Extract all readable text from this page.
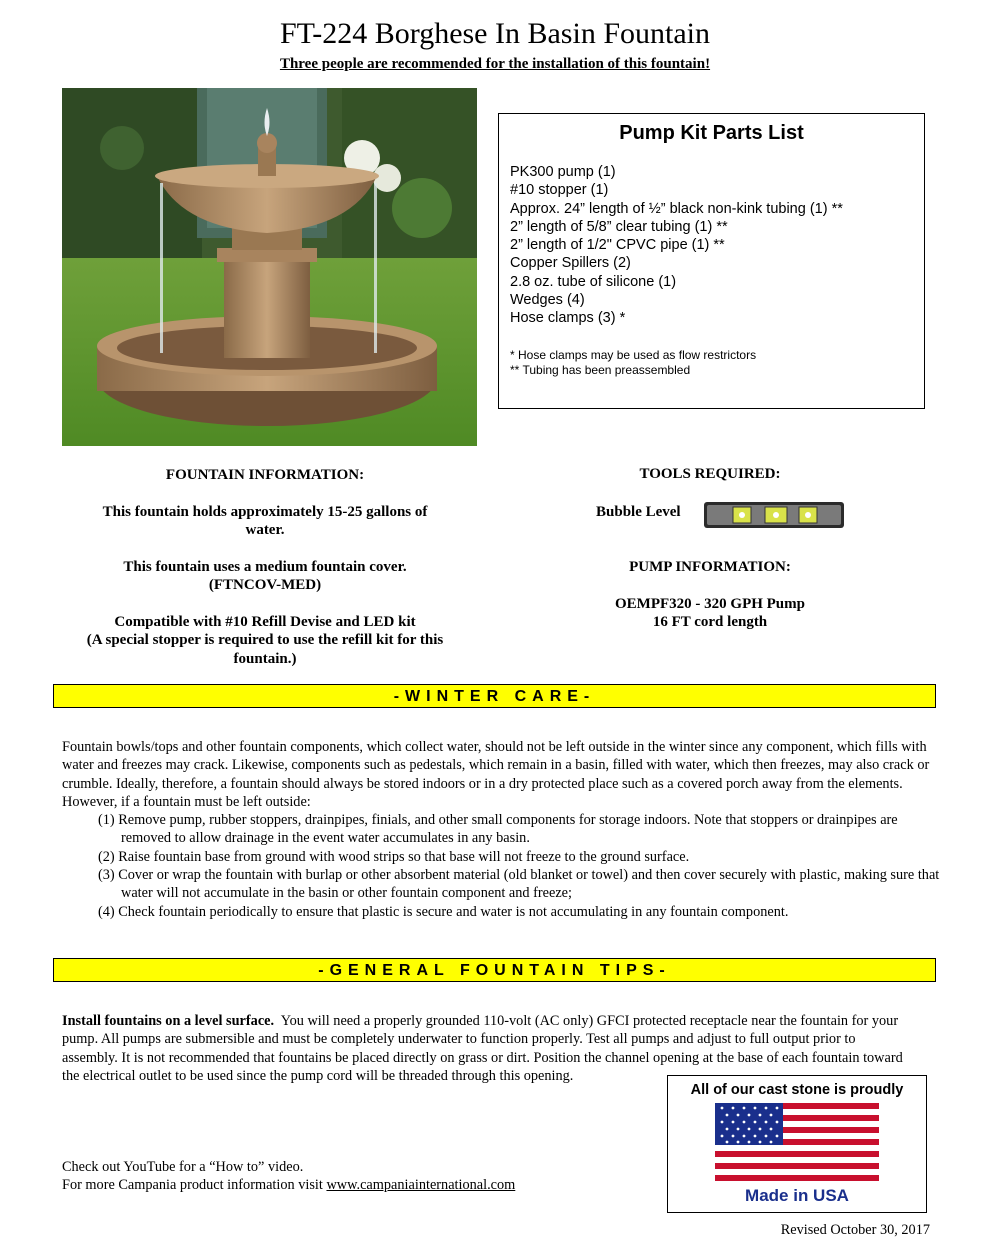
FT-224 Borghese In Basin Fountain
Three people are recommended for the installation of this fountain!
Pump Kit Parts List
PK300 pump (1)
#10 stopper (1)
Approx. 24” length of ½” black non-kink tubing (1) **
2” length of 5/8” clear tubing (1) **
2” length of 1/2" CPVC pipe (1) **
Copper Spillers (2)
2.8 oz. tube of silicone (1)
Wedges (4)
Hose clamps (3) *
* Hose clamps may be used as flow restrictors
** Tubing has been preassembled

FOUNTAIN INFORMATION:

This fountain holds approximately 15-25 gallons of water.

This fountain uses a medium fountain cover.

(FTNCOV-MED)

Compatible with #10 Refill Devise and LED kit

(A special stopper is required to use the refill kit for this fountain.)

TOOLS REQUIRED:

Bubble Level

PUMP INFORMATION:

OEMPF320 - 320 GPH Pump

16 FT cord length

-WINTER CARE-
Fountain bowls/tops and other fountain components, which collect water, should not be left outside in the winter since any component, which fills with water and freezes may crack. Likewise, components such as pedestals, which remain in a basin, filled with water, which then freezes, may also crack or crumble. Ideally, therefore, a fountain should always be stored indoors or in a dry protected place such as a covered porch away from the elements. However, if a fountain must be left outside:
(1) Remove pump, rubber stoppers, drainpipes, finials, and other small components for storage indoors. Note that stoppers or drainpipes are removed to allow drainage in the event water accumulates in any basin.
(2) Raise fountain base from ground with wood strips so that base will not freeze to the ground surface.
(3) Cover or wrap the fountain with burlap or other absorbent material (old blanket or towel) and then cover securely with plastic, making sure that water will not accumulate in the basin or other fountain component and freeze;
(4) Check fountain periodically to ensure that plastic is secure and water is not accumulating in any fountain component.
-GENERAL FOUNTAIN TIPS-

Install fountains on a level surface. You will need a properly grounded 110-volt (AC only) GFCI protected receptacle near the fountain for your pump. All pumps are submersible and must be completely underwater to function properly. Test all pumps and adjust to full output prior to assembly. It is not recommended that fountains be placed directly on grass or dirt. Position the channel opening at the base of each fountain toward the electrical outlet to be used since the pump cord will be threaded through this opening.

Check out YouTube for a “How to” video.
For more Campania product information visit www.campaniainternational.com
All of our cast stone is proudly
Made in USA
Revised October 30, 2017
